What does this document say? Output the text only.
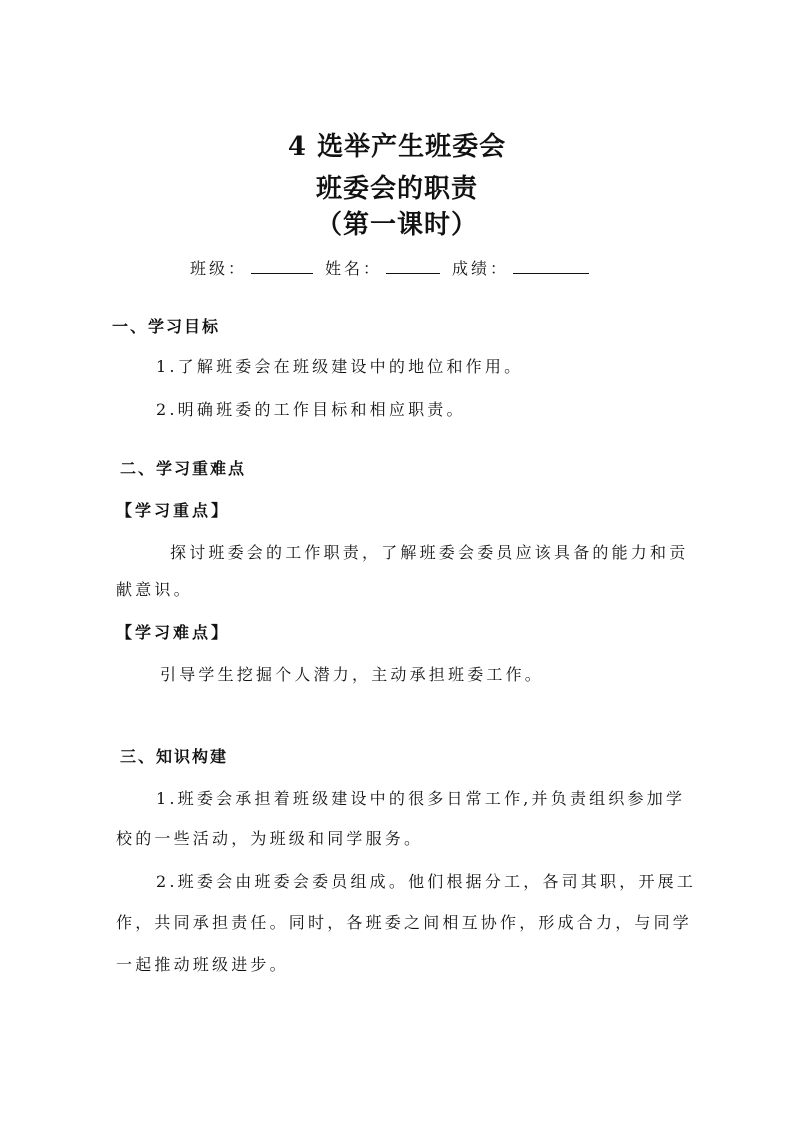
4 选举产生班委会
班委会的职责
（第一课时）
班级：	姓名：	成绩：
一、学习目标
1.了解班委会在班级建设中的地位和作用。
2.明确班委的工作目标和相应职责。
二、学习重难点
【学习重点】
探讨班委会的工作职责，了解班委会委员应该具备的能力和贡
献意识。
【学习难点】
引导学生挖掘个人潜力，主动承担班委工作。
三、知识构建
1.班委会承担着班级建设中的很多日常工作,并负责组织参加学
校的一些活动，为班级和同学服务。
2.班委会由班委会委员组成。他们根据分工，各司其职，开展工
作，共同承担责任。同时，各班委之间相互协作，形成合力，与同学
一起推动班级进步。
